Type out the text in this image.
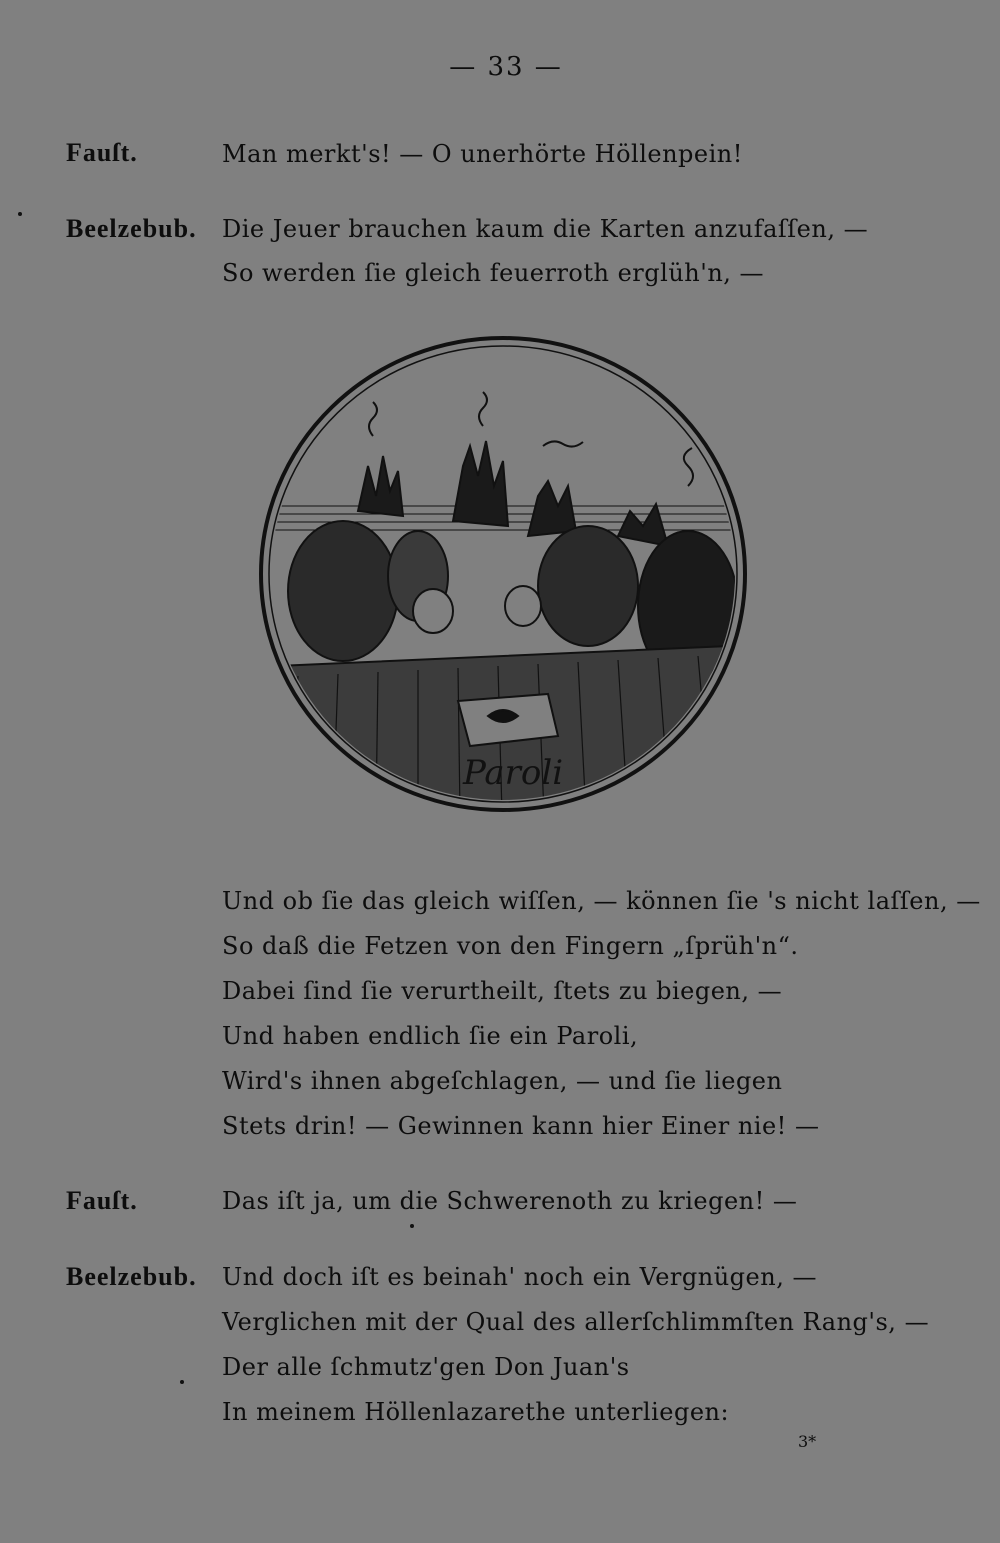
— 33 —
Fauſt.	Man merkt's! — O unerhörte Höllenpein!
Beelzebub. Die Jeuer brauchen kaum die Karten anzufaſſen, —
So werden ſie gleich feuerroth erglüh'n, —
Paroli
Und ob ſie das gleich wiſſen, — können ſie 's nicht laſſen, —
So daß die Fetzen von den Fingern „ſprüh'n“.
Dabei ſind ſie verurtheilt, ſtets zu biegen, —
Und haben endlich ſie ein Paroli,
Wird's ihnen abgeſchlagen, — und ſie liegen
Stets drin! — Gewinnen kann hier Einer nie! —
Fauſt.	Das iſt ja, um die Schwerenoth zu kriegen! —
Beelzebub. Und doch iſt es beinah' noch ein Vergnügen, —
Verglichen mit der Qual des allerſchlimmſten Rang's, —
Der alle ſchmutz'gen Don Juan's
In meinem Höllenlazarethe unterliegen:
3*
